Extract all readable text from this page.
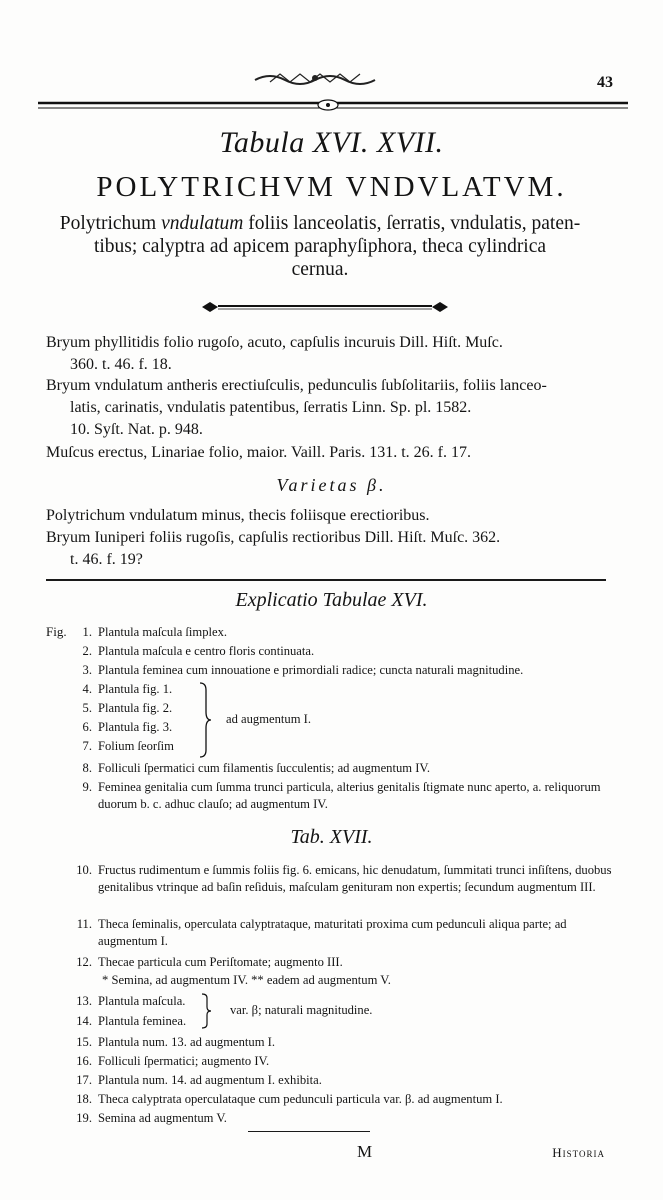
43
Tabula XVI. XVII.
POLYTRICHVM VNDVLATVM.
Polytrichum vndulatum foliis lanceolatis, ſerratis, vndulatis, paten-
tibus; calyptra ad apicem paraphyſiphora, theca cylindrica
cernua.
Bryum phyllitidis folio rugoſo, acuto, capſulis incuruis Dill. Hiſt. Muſc.
360. t. 46. f. 18.
Bryum vndulatum antheris erectiuſculis, pedunculis ſubſolitariis, foliis lanceo-
latis, carinatis, vndulatis patentibus, ſerratis Linn. Sp. pl. 1582.
10. Syſt. Nat. p. 948.
Muſcus erectus, Linariae folio, maior. Vaill. Paris. 131. t. 26. f. 17.
Varietas β.
Polytrichum vndulatum minus, thecis foliisque erectioribus.
Bryum Iuniperi foliis rugoſis, capſulis rectioribus Dill. Hiſt. Muſc. 362.
t. 46. f. 19?
Explicatio Tabulae XVI.
Fig.	1. Plantula maſcula ſimplex.
2. Plantula maſcula e centro floris continuata.
3. Plantula feminea cum innouatione e primordiali radice; cuncta naturali magnitudine.
4. Plantula fig. 1.
5. Plantula fig. 2.
6. Plantula fig. 3.
7. Folium ſeorſim
ad augmentum I.
8. Folliculi ſpermatici cum filamentis ſucculentis; ad augmentum IV.
9. Feminea genitalia cum ſumma trunci particula, alterius genitalis ſtigmate nunc aperto, a. reliquorum duorum b. c. adhuc clauſo; ad augmentum IV.
Tab. XVII.
10. Fructus rudimentum e ſummis foliis fig. 6. emicans, hic denudatum, ſummitati trunci inſiſtens, duobus genitalibus vtrinque ad baſin reſiduis, maſculam genituram non expertis; ſecundum augmentum III.
11. Theca ſeminalis, operculata calyptrataque, maturitati proxima cum pedunculi aliqua parte; ad augmentum I.
12. Thecae particula cum Periſtomate; augmento III.
* Semina, ad augmentum IV. ** eadem ad augmentum V.
13. Plantula maſcula.
14. Plantula feminea.
var. β; naturali magnitudine.
15. Plantula num. 13. ad augmentum I.
16. Folliculi ſpermatici; augmento IV.
17. Plantula num. 14. ad augmentum I. exhibita.
18. Theca calyptrata operculataque cum pedunculi particula var. β. ad augmentum I.
19. Semina ad augmentum V.
M	Historia
